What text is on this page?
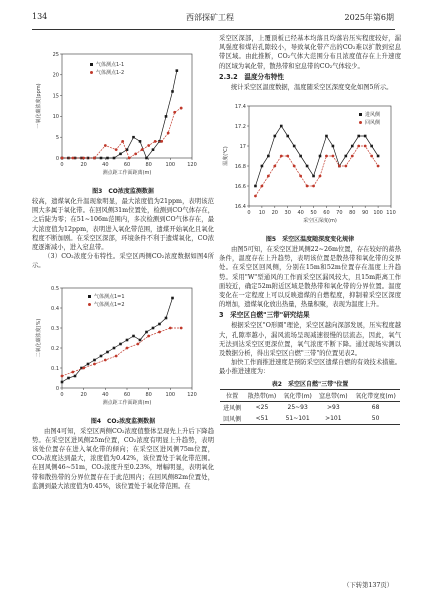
134	西部探矿工程	2025年第6期
0	20	40	60	80	100 120
0
5
10
15
20
25
测点距工作面距离(m)
一氧化碳浓度(ppm)
气体测点1-1
气体测点1-2
图3　CO浓度监测数据

较高，遗煤氧化升温现象明显，最大浓度值为21ppm，表明该范围大多属于氧化带。在回风侧31m位置处，检测到CO气体存在，之后陡为零；在51~106m范围内，多次检测到CO气体存在，最大浓度值为12ppm，表明进入氧化带范围，遗煤开始氧化且氧化程度不断加剧。在采空区深部，环境条件不利于遗煤氧化，CO浓度逐渐减小，进入窒息带。

（3）CO₂浓度分布特性。采空区两侧CO₂浓度数据如图4所示。

0	20	40	60	80	100 120
0
0.1
0.2
0.3
0.4
0.5
测点距工作面距离(m)
二氧化碳浓度(%)
气体测点1=1
气体测点1=2
图4　CO₂浓度监测数据

由图4可知，采空区两侧CO₂浓度值整体呈现先上升后下降趋势。在采空区进风侧25m位置，CO₂浓度有明显上升趋势，表明该处位置存在进入氧化带的倾向；在采空区进风侧75m位置，CO₂浓度达到最大，浓度值为0.42%，该位置处于氧化带范围。在回风侧46~51m，CO₂浓度升至0.23%，增幅明显，表明氧化带和散热带的分界位置存在于此范围内；在回风侧82m位置处，监测到最大浓度值为0.45%，该位置处于氧化带范围。在

采空区深部，上覆顶板已经基本均落且均落岩压实程度较好，漏风强度和煤岩孔隙较小，导致氧化带产出的CO₂难以扩散到窒息带区域。由此推断，CO₂气体大范围分布且浓度值存在上升速度的区域为氧化带，散热带和窒息带的CO₂气体较少。

2.3.2　温度分布特性

统计采空区温度数据，温度随采空区深度变化如图5所示。

0 10 20 30 40 50 60 70 80 90 100 110
16.4
16.6
16.8
17
17.2
17.4
采空区深度(m)
温度(℃)
进风侧
回风侧
图5　采空区温度随深度变化规律

由图5可知，在采空区进风侧22~26m位置，存在较好的蓄热条件，温度存在上升趋势，表明该位置是散热带和氧化带的交界处。在采空区回风侧，分别在15m和52m位置存在温度上升趋势。采用"W"型通风的工作面采空区漏风较大，且15m距离工作面较近，确定52m附近区域是散热带和氧化带的分界位置。温度变化在一定程度上可以反映遗煤的自燃程度，抑制着采空区深度的增加，遗煤氧化放出热量，热量积聚，表现为温度上升。

3　采空区自燃"三带"研究结果

根据采空区"O形圈"理论，采空区越向深部发展，压实程度越大，孔隙率越小，漏风流场呈现减速很慢的层流态，因此，氧气无法到达采空区更深位置，氧气浓度不断下降。通过现场实测以及数据分析，得出采空区自燃"三带"的位置见表2。

加快工作面推进速度是预防采空区遗煤自燃的有效技术措施。最小推进速度为：

表2　采空区自燃"三带"位置
位置	散热带(m)	氧化带(m)	窒息带(m)	氧化带宽度(m)
进风侧	<25	25~93	>93	68
回风侧	<51	51~101	>101	50
（下转第137页）
